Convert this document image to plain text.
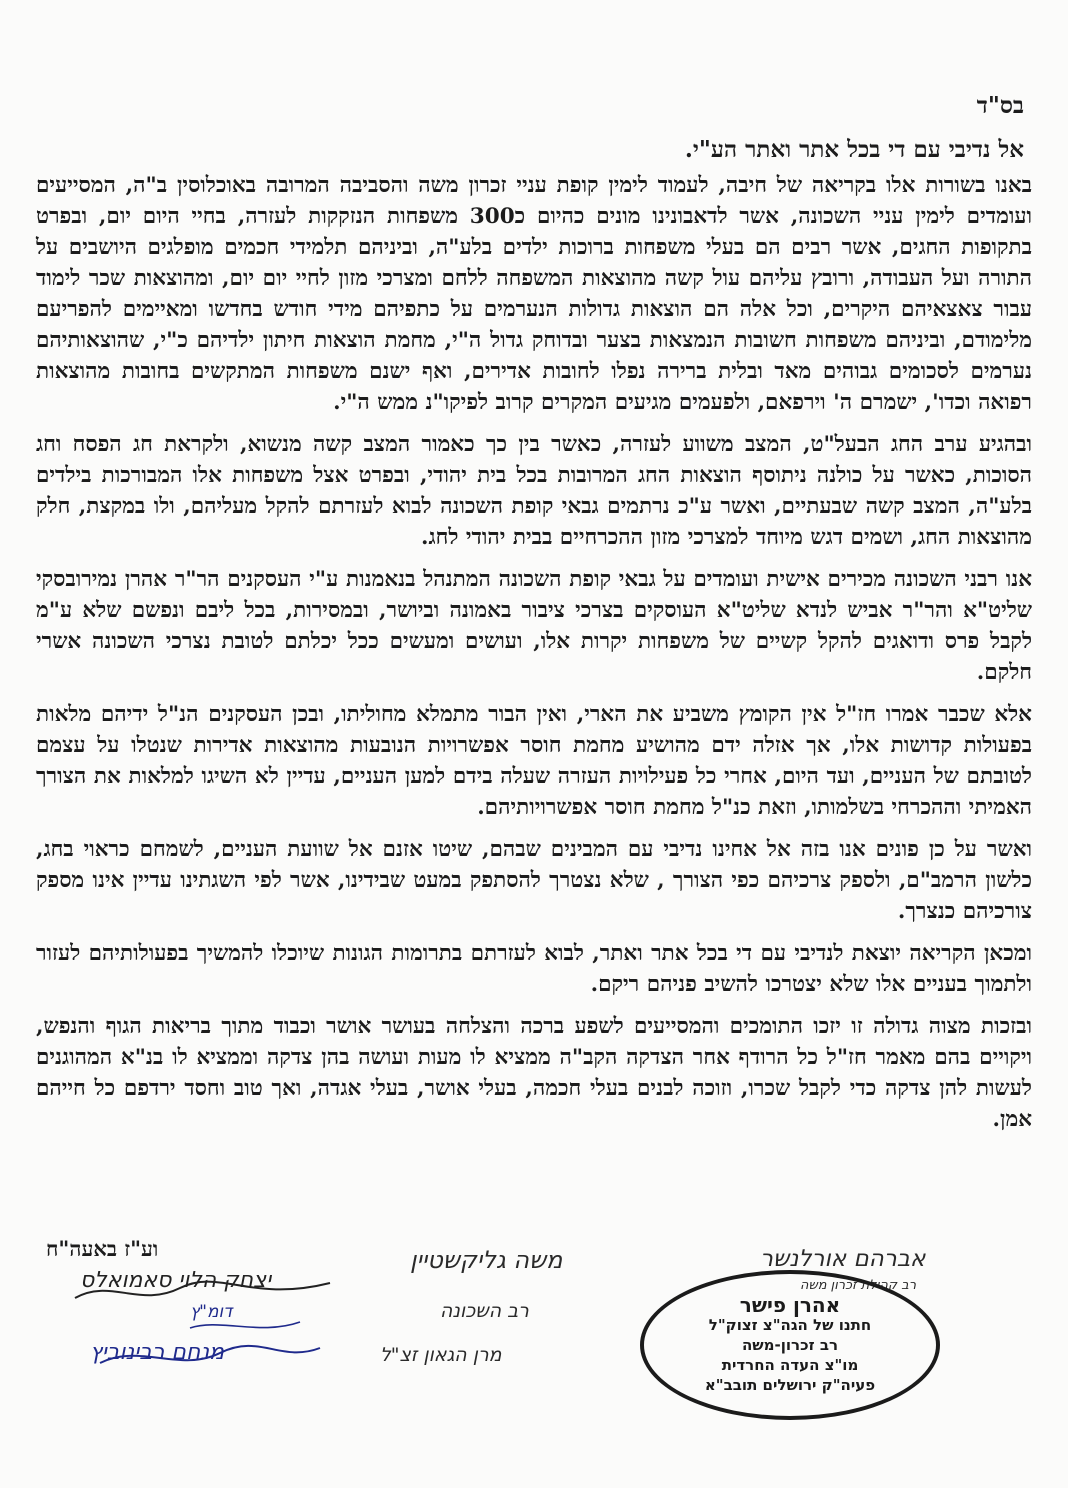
בס"ד
אל נדיבי עם די בכל אתר ואתר הע"י.

באנו בשורות אלו בקריאה של חיבה, לעמוד לימין קופת עניי זכרון משה והסביבה המרובה באוכלוסין ב"ה, המסייעים ועומדים לימין עניי השכונה, אשר לדאבונינו מונים כהיום כ300 משפחות הנזקקות לעזרה, בחיי היום יום, ובפרט בתקופות החגים, אשר רבים הם בעלי משפחות ברוכות ילדים בלע"ה, וביניהם תלמידי חכמים מופלגים היושבים על התורה ועל העבודה, ורובץ עליהם עול קשה מהוצאות המשפחה ללחם ומצרכי מזון לחיי יום יום, ומהוצאות שכר לימוד עבור צאצאיהם היקרים, וכל אלה הם הוצאות גדולות הנערמים על כתפיהם מידי חודש בחדשו ומאיימים להפריעם מלימודם, וביניהם משפחות חשובות הנמצאות בצער ובדוחק גדול ה"י, מחמת הוצאות חיתון ילדיהם כ"י, שהוצאותיהם נערמים לסכומים גבוהים מאד ובלית ברירה נפלו לחובות אדירים, ואף ישנם משפחות המתקשים בחובות מהוצאות רפואה וכדו', ישמרם ה' וירפאם, ולפעמים מגיעים המקרים קרוב לפיקו"נ ממש ה"י.

ובהגיע ערב החג הבעל"ט, המצב משווע לעזרה, כאשר בין כך כאמור המצב קשה מנשוא, ולקראת חג הפסח וחג הסוכות, כאשר על כולנה ניתוסף הוצאות החג המרובות בכל בית יהודי, ובפרט אצל משפחות אלו המבורכות בילדים בלע"ה, המצב קשה שבעתיים, ואשר ע"כ נרתמים גבאי קופת השכונה לבוא לעזרתם להקל מעליהם, ולו במקצת, חלק מהוצאות החג, ושמים דגש מיוחד למצרכי מזון ההכרחיים בבית יהודי לחג.

אנו רבני השכונה מכירים אישית ועומדים על גבאי קופת השכונה המתנהל בנאמנות ע"י העסקנים הר"ר אהרן נמירובסקי שליט"א והר"ר אביש לנדא שליט"א העוסקים בצרכי ציבור באמונה וביושר, ובמסירות, בכל ליבם ונפשם שלא ע"מ לקבל פרס ודואגים להקל קשיים של משפחות יקרות אלו, ועושים ומעשים ככל יכלתם לטובת נצרכי השכונה אשרי חלקם.

אלא שכבר אמרו חז"ל אין הקומץ משביע את הארי, ואין הבור מתמלא מחוליתו, ובכן העסקנים הנ"ל ידיהם מלאות בפעולות קדושות אלו, אך אזלה ידם מהושיע מחמת חוסר אפשרויות הנובעות מהוצאות אדירות שנטלו על עצמם לטובתם של העניים, ועד היום, אחרי כל פעילויות העזרה שעלה בידם למען העניים, עדיין לא השיגו למלאות את הצורך האמיתי וההכרחי בשלמותו, וזאת כנ"ל מחמת חוסר אפשרויותיהם.

ואשר על כן פונים אנו בזה אל אחינו נדיבי עם המבינים שבהם, שיטו אזנם אל שוועת העניים, לשמחם כראוי בחג, כלשון הרמב"ם, ולספק צרכיהם כפי הצורך , שלא נצטרך להסתפק במעט שבידינו, אשר לפי השגתינו עדיין אינו מספק צורכיהם כנצרך.

ומכאן הקריאה יוצאת לנדיבי עם די בכל אתר ואתר, לבוא לעזרתם בתרומות הגונות שיוכלו להמשיך בפעולותיהם לעזור ולתמוך בעניים אלו שלא יצטרכו להשיב פניהם ריקם.

ובזכות מצוה גדולה זו יזכו התומכים והמסייעים לשפע ברכה והצלחה בעושר אושר וכבוד מתוך בריאות הגוף והנפש, ויקויים בהם מאמר חז"ל כל הרודף אחר הצדקה הקב"ה ממציא לו מעות ועושה בהן צדקה וממציא לו בנ"א המהוגנים לעשות להן צדקה כדי לקבל שכרו, וזוכה לבנים בעלי חכמה, בעלי אושר, בעלי אגדה, ואך טוב וחסד ירדפם כל חייהם אמן.

וע"ז באעה"ח
יצחק הלוי סאמואלס
דומ"ץ
מנחם רבינוביץ
משה גליקשטיין
רב השכונה
מרן הגאון זצ"ל
אברהם אורלנשר
רב קהילת זכרון משה
אהרן פישר
חתנו של הגה"צ זצוק"ל
רב זכרון-משה
מו"צ העדה החרדית
פעיה"ק ירושלים תובב"א
